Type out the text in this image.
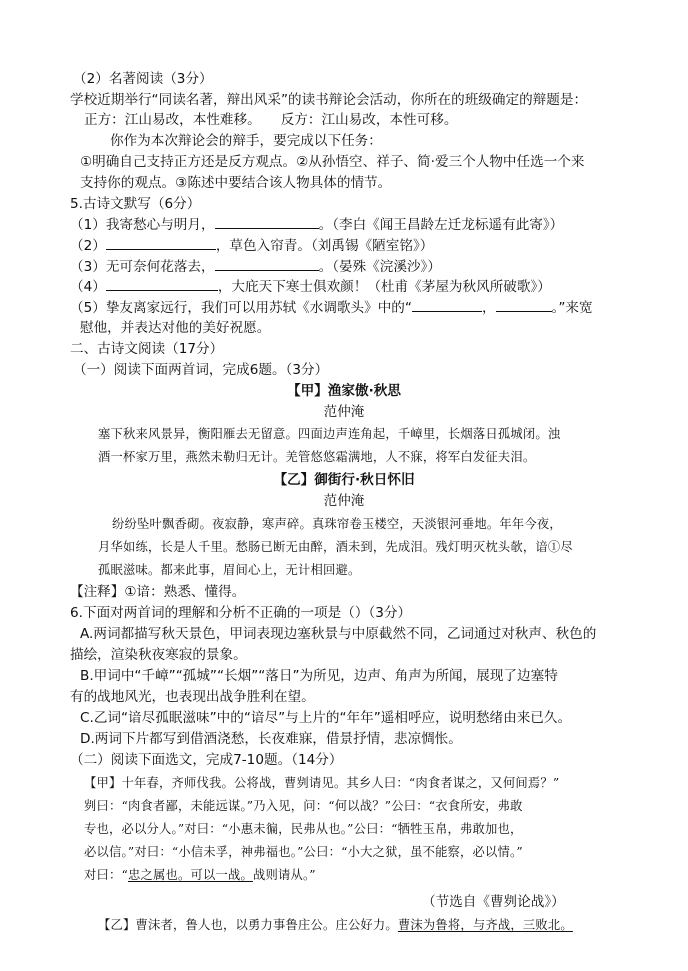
（2）名著阅读（3分）
学校近期举行“同读名著，辩出风采”的读书辩论会活动，你所在的班级确定的辩题是：
正方：江山易改，本性难移。 反方：江山易改，本性可移。
你作为本次辩论会的辩手，要完成以下任务：
①明确自己支持正方还是反方观点。②从孙悟空、祥子、简·爱三个人物中任选一个来
支持你的观点。③陈述中要结合该人物具体的情节。
5.古诗文默写（6分）
（1）我寄愁心与明月，	。（李白《闻王昌龄左迁龙标遥有此寄》）
（2）	，草色入帘青。（刘禹锡《陋室铭》）
（3）无可奈何花落去，	。（晏殊《浣溪沙》）
（4）	，大庇天下寒士俱欢颜！（杜甫《茅屋为秋风所破歌》）
（5）挚友离家远行，我们可以用苏轼《水调歌头》中的“	，	。”来宽
慰他，并表达对他的美好祝愿。
二、古诗文阅读（17分）
（一）阅读下面两首词，完成6题。（3分）
【甲】渔家傲·秋思
范仲淹
塞下秋来风景异，衡阳雁去无留意。四面边声连角起，千嶂里，长烟落日孤城闭。浊
酒一杯家万里，燕然未勒归无计。羌管悠悠霜满地，人不寐，将军白发征夫泪。
【乙】御街行·秋日怀旧
范仲淹
纷纷坠叶飘香砌。夜寂静，寒声碎。真珠帘卷玉楼空，天淡银河垂地。年年今夜，
月华如练，长是人千里。愁肠已断无由醉，酒未到，先成泪。残灯明灭枕头欹，谙①尽
孤眠滋味。都来此事，眉间心上，无计相回避。
【注释】①谙：熟悉、懂得。
6.下面对两首词的理解和分析不正确的一项是（）（3分）
A.两词都描写秋天景色，甲词表现边塞秋景与中原截然不同，乙词通过对秋声、秋色的
描绘，渲染秋夜寒寂的景象。
B.甲词中“千嶂”“孤城”“长烟”“落日”为所见，边声、角声为所闻，展现了边塞特
有的战地风光，也表现出战争胜利在望。
C.乙词“谙尽孤眠滋味”中的“谙尽”与上片的“年年”遥相呼应，说明愁绪由来已久。
D.两词下片都写到借酒浇愁，长夜难寐，借景抒情，悲凉惆怅。
（二）阅读下面选文，完成7-10题。（14分）
【甲】十年春，齐师伐我。公将战，曹刿请见。其乡人曰：“肉食者谋之，又何间焉？”
刿曰：“肉食者鄙，未能远谋。”乃入见，问：“何以战？”公曰：“衣食所安，弗敢
专也，必以分人。”对曰：“小惠未徧，民弗从也。”公曰：“牺牲玉帛，弗敢加也，
必以信。”对曰：“小信未孚，神弗福也。”公曰：“小大之狱，虽不能察，必以情。”
对曰：“忠之属也。可以一战。战则请从。”
（节选自《曹刿论战》）
【乙】曹沫者，鲁人也，以勇力事鲁庄公。庄公好力。曹沫为鲁将，与齐战，三败北。
